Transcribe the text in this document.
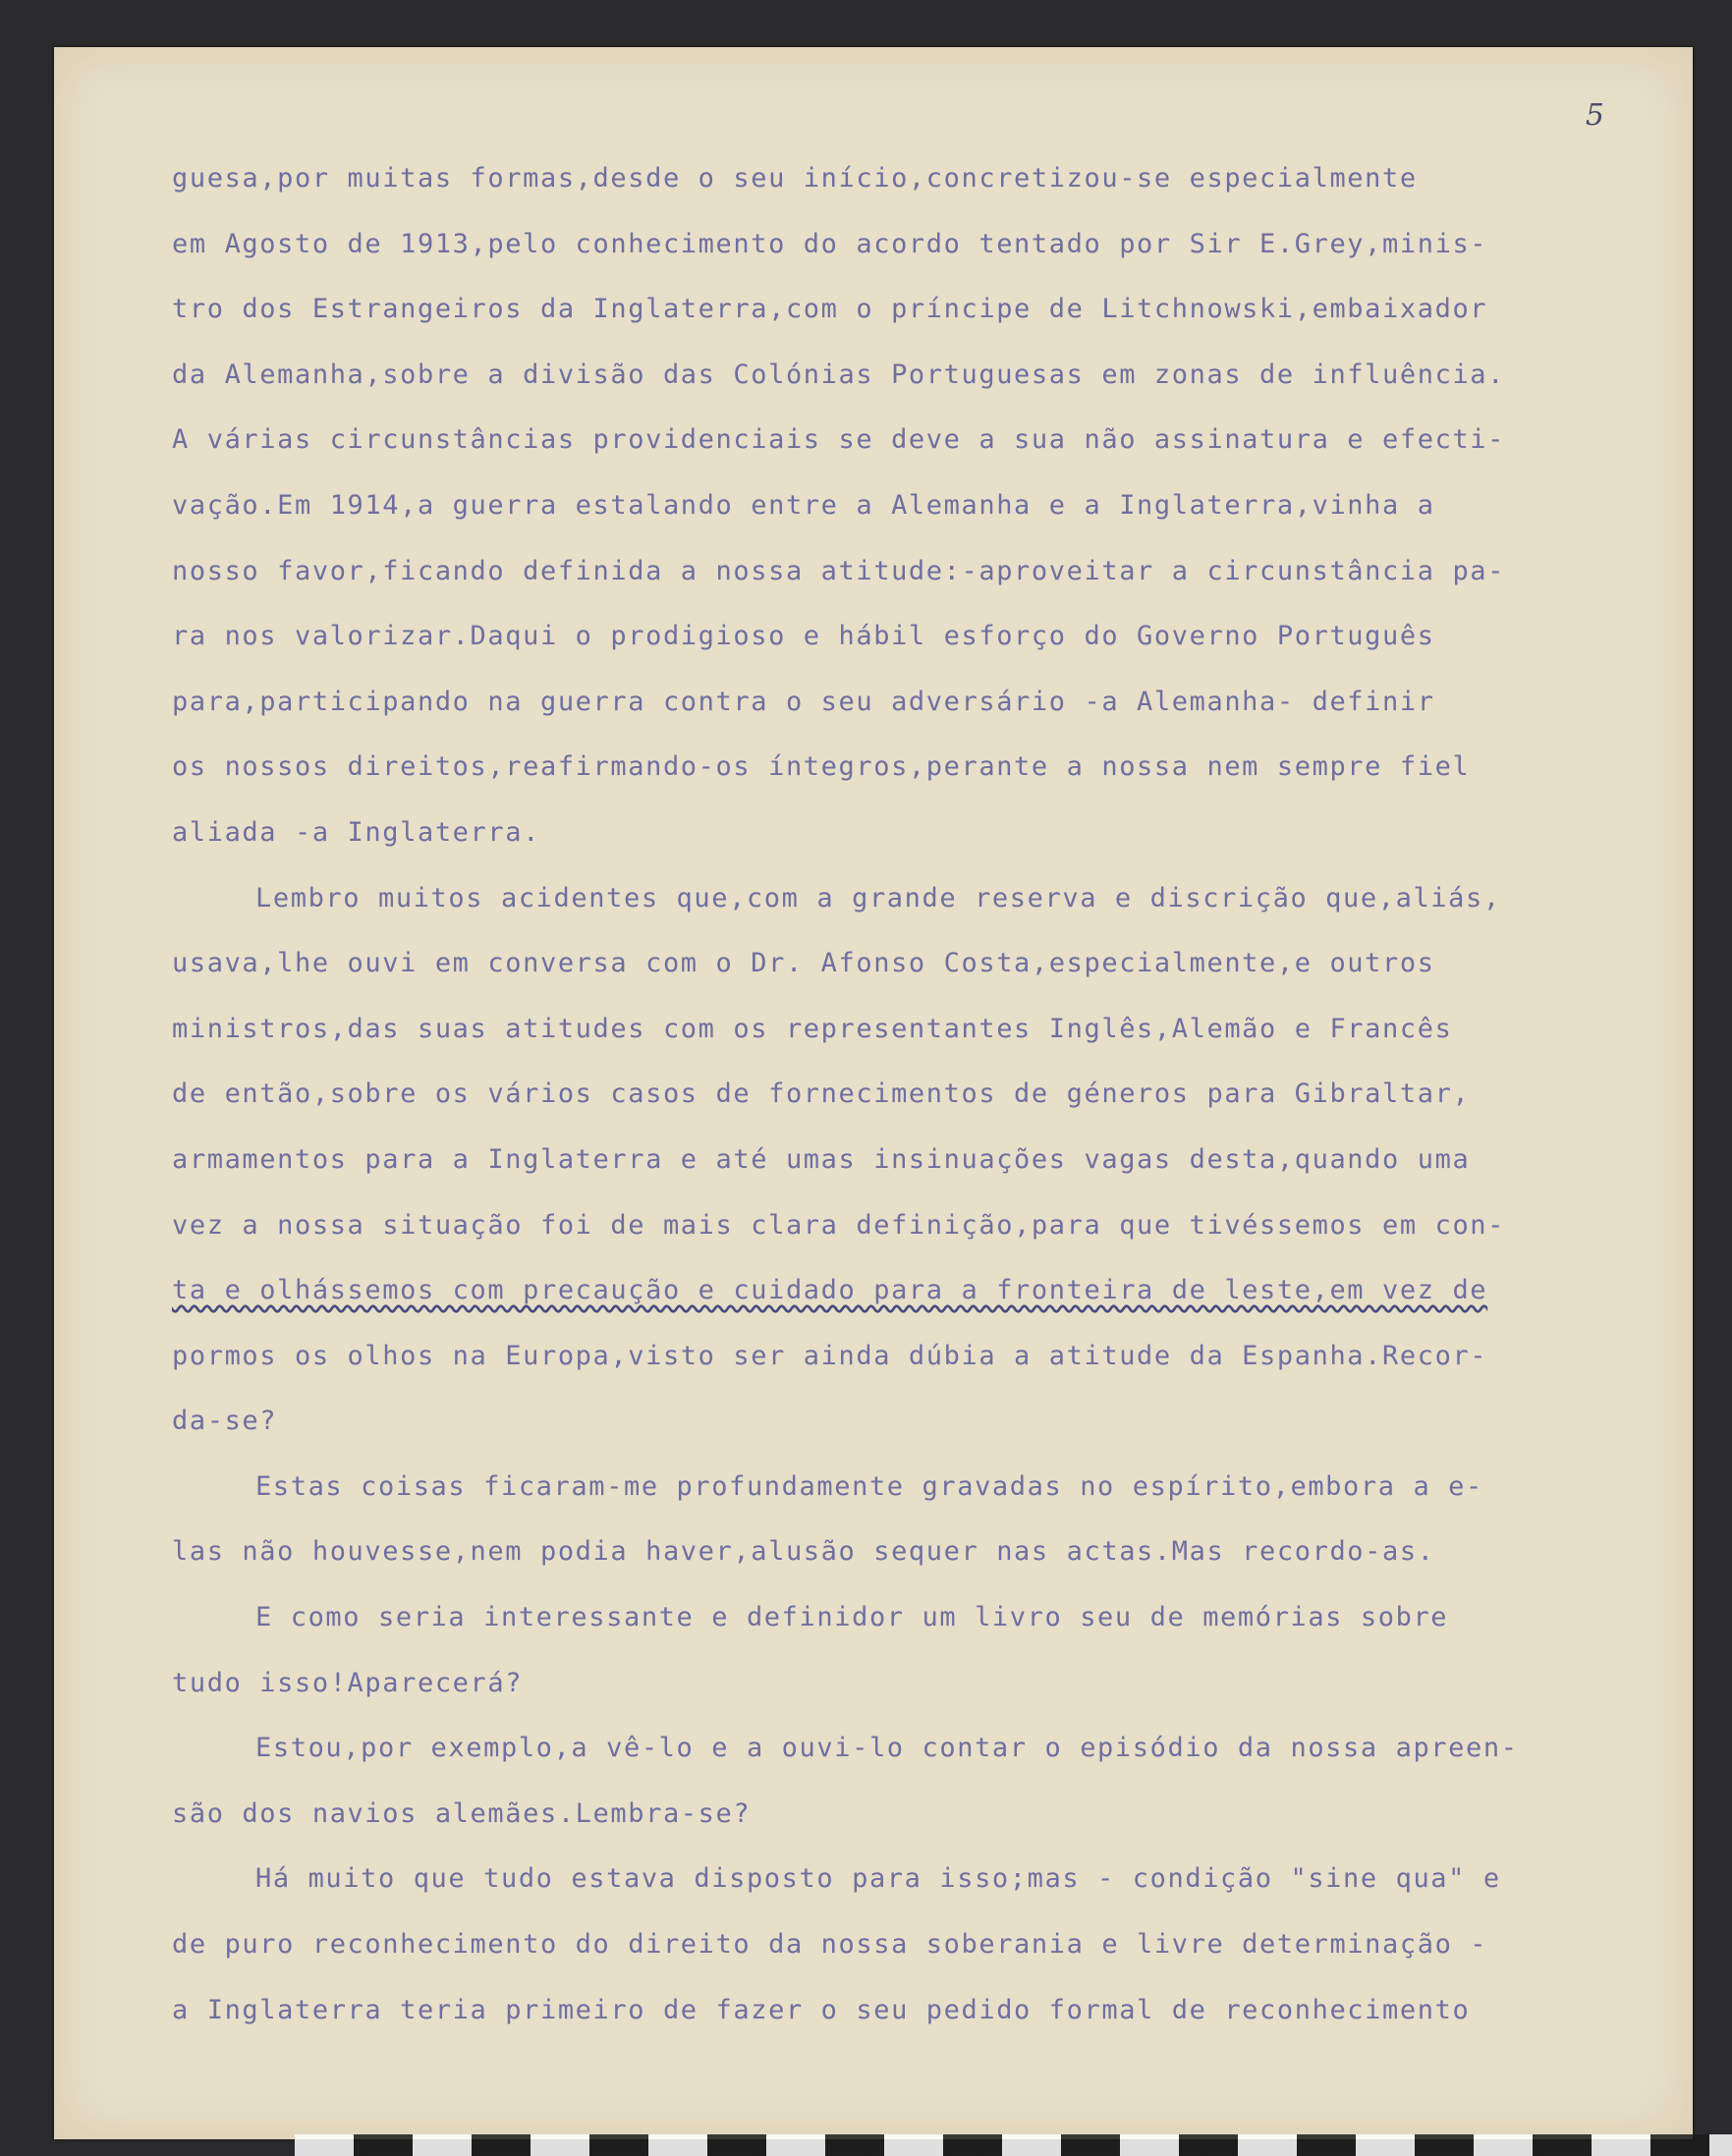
5
guesa,por muitas formas,desde o seu início,concretizou-se especialmente
em Agosto de 1913,pelo conhecimento do acordo tentado por Sir E.Grey,minis-
tro dos Estrangeiros da Inglaterra,com o príncipe de Litchnowski,embaixador
da Alemanha,sobre a divisão das Colónias Portuguesas em zonas de influência.
A várias circunstâncias providenciais se deve a sua não assinatura e efecti-
vação.Em 1914,a guerra estalando entre a Alemanha e a Inglaterra,vinha a
nosso favor,ficando definida a nossa atitude:-aproveitar a circunstância pa-
ra nos valorizar.Daqui o prodigioso e hábil esforço do Governo Português
para,participando na guerra contra o seu adversário -a Alemanha- definir
os nossos direitos,reafirmando-os íntegros,perante a nossa nem sempre fiel
aliada -a Inglaterra.
Lembro muitos acidentes que,com a grande reserva e discrição que,aliás,
usava,lhe ouvi em conversa com o Dr. Afonso Costa,especialmente,e outros
ministros,das suas atitudes com os representantes Inglês,Alemão e Francês
de então,sobre os vários casos de fornecimentos de géneros para Gibraltar,
armamentos para a Inglaterra e até umas insinuações vagas desta,quando uma
vez a nossa situação foi de mais clara definição,para que tivéssemos em con-
ta e olhássemos com precaução e cuidado para a fronteira de leste,em vez de
pormos os olhos na Europa,visto ser ainda dúbia a atitude da Espanha.Recor-
da-se?
Estas coisas ficaram-me profundamente gravadas no espírito,embora a e-
las não houvesse,nem podia haver,alusão sequer nas actas.Mas recordo-as.
E como seria interessante e definidor um livro seu de memórias sobre
tudo isso!Aparecerá?
Estou,por exemplo,a vê-lo e a ouvi-lo contar o episódio da nossa apreen-
são dos navios alemães.Lembra-se?
Há muito que tudo estava disposto para isso;mas - condição "sine qua" e
de puro reconhecimento do direito da nossa soberania e livre determinação -
a Inglaterra teria primeiro de fazer o seu pedido formal de reconhecimento
